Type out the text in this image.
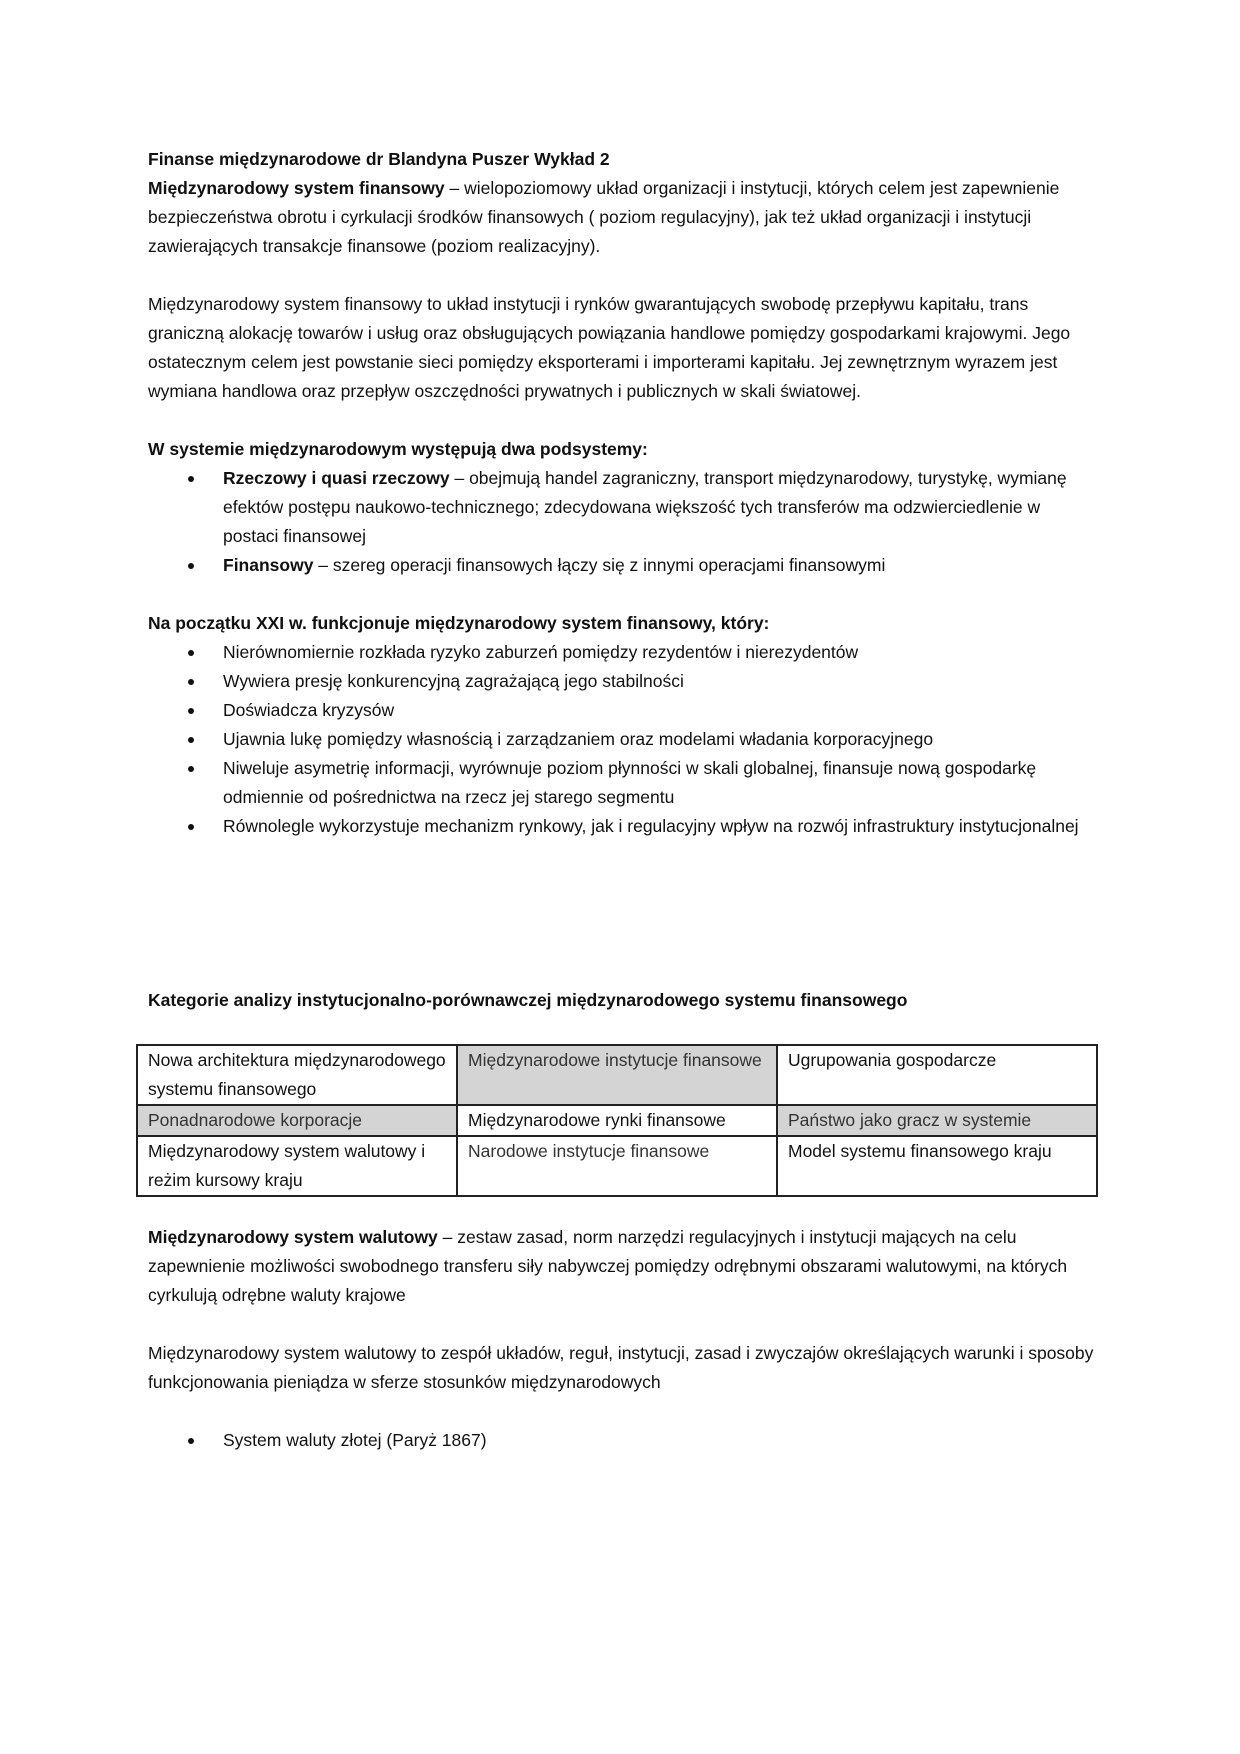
Finanse międzynarodowe dr Blandyna Puszer Wykład 2

Międzynarodowy system finansowy – wielopoziomowy układ organizacji i instytucji, których celem jest zapewnienie bezpieczeństwa obrotu i cyrkulacji środków finansowych ( poziom regulacyjny), jak też układ organizacji i instytucji zawierających transakcje finansowe (poziom realizacyjny).

Międzynarodowy system finansowy to układ instytucji i rynków gwarantujących swobodę przepływu kapitału, trans graniczną alokację towarów i usług oraz obsługujących powiązania handlowe pomiędzy gospodarkami krajowymi. Jego ostatecznym celem jest powstanie sieci pomiędzy eksporterami i importerami kapitału. Jej zewnętrznym wyrazem jest wymiana handlowa oraz przepływ oszczędności prywatnych i publicznych w skali światowej.

W systemie międzynarodowym występują dwa podsystemy:

Rzeczowy i quasi rzeczowy – obejmują handel zagraniczny, transport międzynarodowy, turystykę, wymianę efektów postępu naukowo-technicznego; zdecydowana większość tych transferów ma odzwierciedlenie w postaci finansowej
Finansowy – szereg operacji finansowych łączy się z innymi operacjami finansowymi

Na początku XXI w. funkcjonuje międzynarodowy system finansowy, który:

Nierównomiernie rozkłada ryzyko zaburzeń pomiędzy rezydentów i nierezydentów
Wywiera presję konkurencyjną zagrażającą jego stabilności
Doświadcza kryzysów
Ujawnia lukę pomiędzy własnością i zarządzaniem oraz modelami władania korporacyjnego
Niweluje asymetrię informacji, wyrównuje poziom płynności w skali globalnej, finansuje nową gospodarkę odmiennie od pośrednictwa na rzecz jej starego segmentu
Równolegle wykorzystuje mechanizm rynkowy, jak i regulacyjny wpływ na rozwój infrastruktury instytucjonalnej

Kategorie analizy instytucjonalno-porównawczej międzynarodowego systemu finansowego

Nowa architektura międzynarodowego systemu finansowego	Międzynarodowe instytucje finansowe	Ugrupowania gospodarcze
Ponadnarodowe korporacje	Międzynarodowe rynki finansowe	Państwo jako gracz w systemie
Międzynarodowy system walutowy i reżim kursowy kraju	Narodowe instytucje finansowe	Model systemu finansowego kraju

Międzynarodowy system walutowy – zestaw zasad, norm narzędzi regulacyjnych i instytucji mających na celu zapewnienie możliwości swobodnego transferu siły nabywczej pomiędzy odrębnymi obszarami walutowymi, na których cyrkulują odrębne waluty krajowe

Międzynarodowy system walutowy to zespół układów, reguł, instytucji, zasad i zwyczajów określających warunki i sposoby funkcjonowania pieniądza w sferze stosunków międzynarodowych

System waluty złotej (Paryż 1867)
